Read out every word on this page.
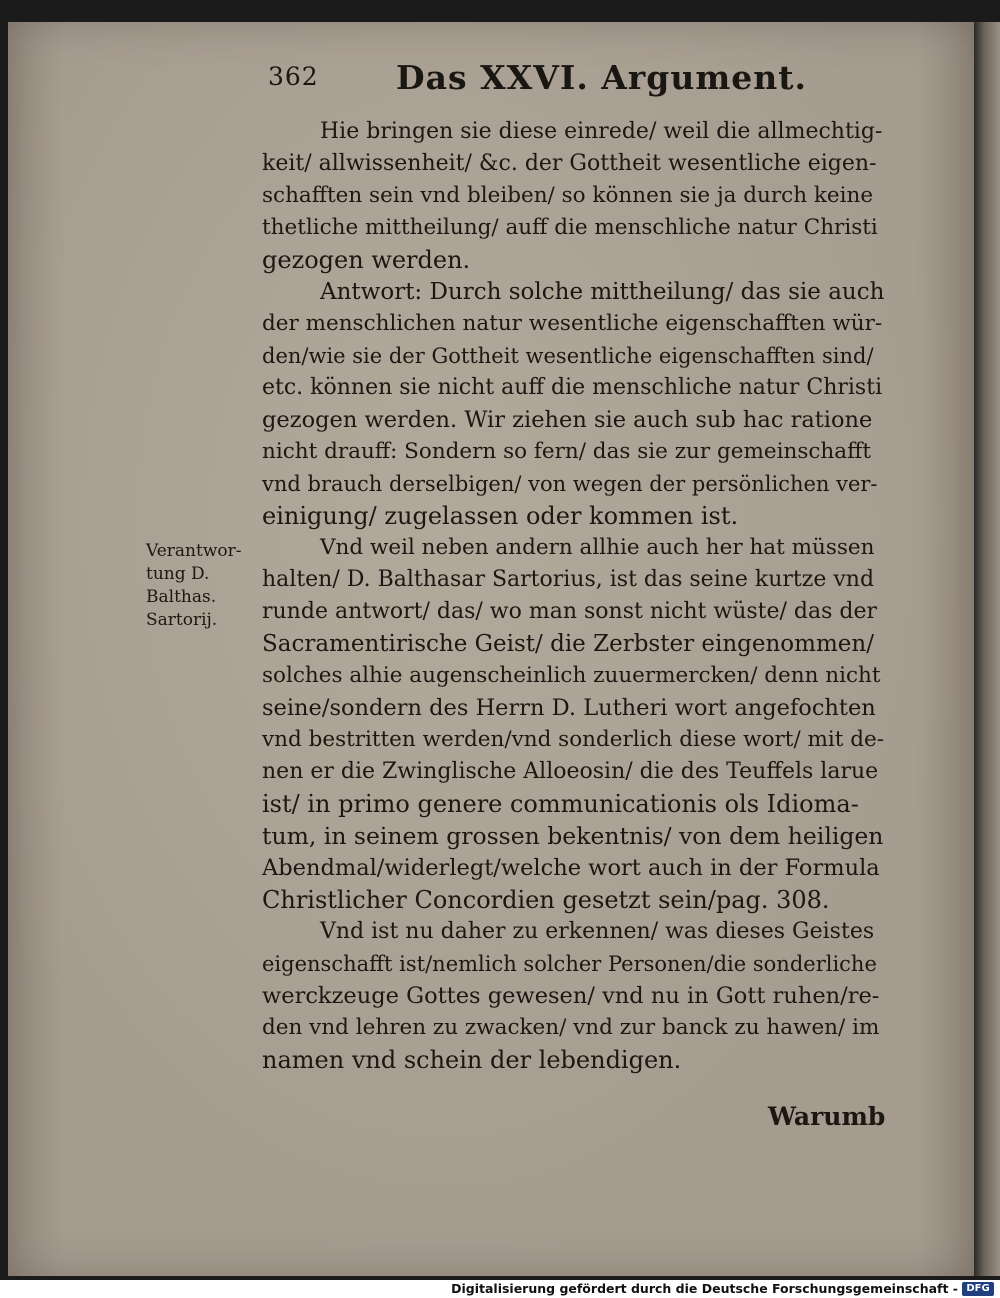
362 Das XXVI. Argument.
Hie bringen sie diese einrede/ weil die allmechtig-
keit/ allwissenheit/ &c. der Gottheit wesentliche eigen-
schafften sein vnd bleiben/ so können sie ja durch keine
thetliche mittheilung/ auff die menschliche natur Christi
gezogen werden.
Antwort: Durch solche mittheilung/ das sie auch
der menschlichen natur wesentliche eigenschafften wür-
den/wie sie der Gottheit wesentliche eigenschafften sind/
etc. können sie nicht auff die menschliche natur Christi
gezogen werden. Wir ziehen sie auch sub hac ratione
nicht drauff: Sondern so fern/ das sie zur gemeinschafft
vnd brauch derselbigen/ von wegen der persönlichen ver-
einigung/ zugelassen oder kommen ist.
Vnd weil neben andern allhie auch her hat müssen
halten/ D. Balthasar Sartorius, ist das seine kurtze vnd
runde antwort/ das/ wo man sonst nicht wüste/ das der
Sacramentirische Geist/ die Zerbster eingenommen/
solches alhie augenscheinlich zuuermercken/ denn nicht
seine/sondern des Herrn D. Lutheri wort angefochten
vnd bestritten werden/vnd sonderlich diese wort/ mit de-
nen er die Zwinglische Alloeosin/ die des Teuffels larue
ist/ in primo genere communicationis ols Idioma-
tum, in seinem grossen bekentnis/ von dem heiligen
Abendmal/widerlegt/welche wort auch in der Formula
Christlicher Concordien gesetzt sein/pag. 308.
Vnd ist nu daher zu erkennen/ was dieses Geistes
eigenschafft ist/nemlich solcher Personen/die sonderliche
werckzeuge Gottes gewesen/ vnd nu in Gott ruhen/re-
den vnd lehren zu zwacken/ vnd zur banck zu hawen/ im
namen vnd schein der lebendigen.
Verantwor-
tung D.
Balthas.
Sartorij.
Warumb
Digitalisierung gefördert durch die Deutsche Forschungsgemeinschaft - DFG
